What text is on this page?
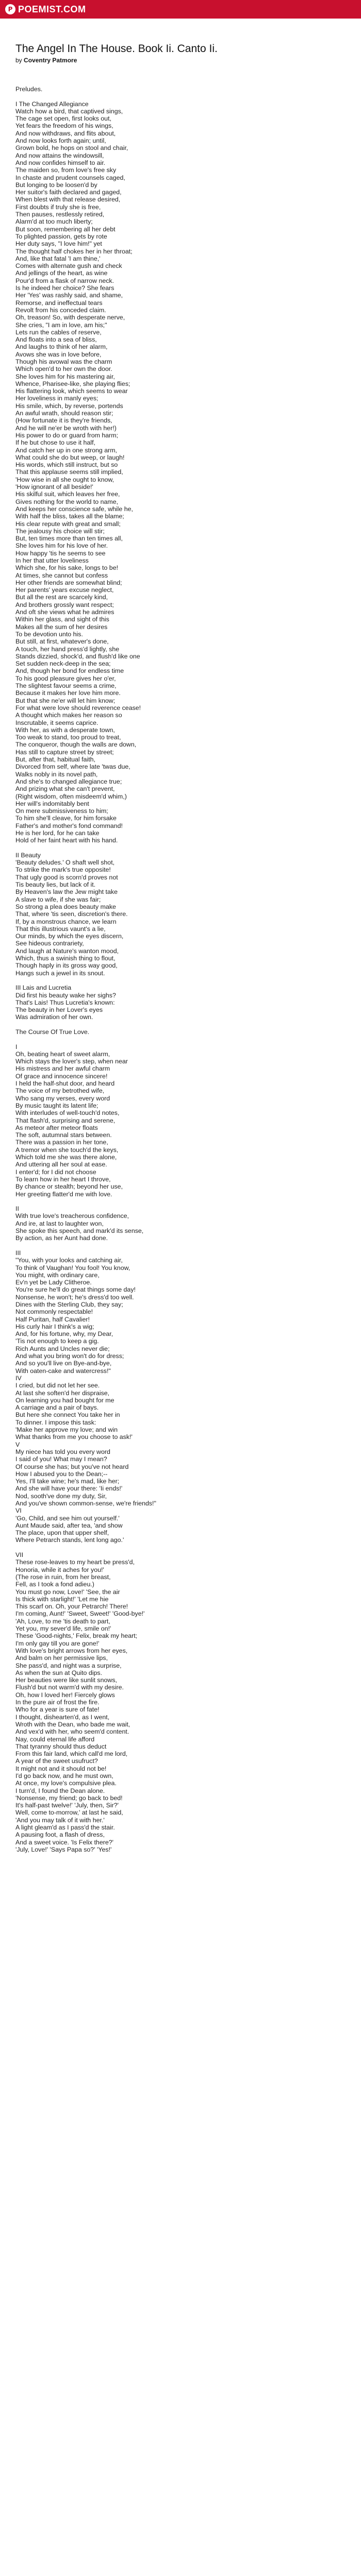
P POEMIST.COM
The Angel In The House. Book Ii. Canto Ii.
by Coventry Patmore
Preludes.
I The Changed Allegiance
Watch how a bird, that captived sings,
The cage set open, first looks out,
Yet fears the freedom of his wings,
And now withdraws, and flits about,
And now looks forth again; until,
Grown bold, he hops on stool and chair,
And now attains the windowsill,
And now confides himself to air.
The maiden so, from love's free sky
In chaste and prudent counsels caged,
But longing to be loosen'd by
Her suitor's faith declared and gaged,
When blest with that release desired,
First doubts if truly she is free,
Then pauses, restlessly retired,
Alarm'd at too much liberty;
But soon, remembering all her debt
To plighted passion, gets by rote
Her duty says, "I love him!" yet
The thought half chokes her in her throat;
And, like that fatal 'I am thine,'
Comes with alternate gush and check
And jellings of the heart, as wine
Pour'd from a flask of narrow neck.
Is he indeed her choice? She fears
Her 'Yes' was rashly said, and shame,
Remorse, and ineffectual tears
Revolt from his conceded claim.
Oh, treason! So, with desperate nerve,
She cries, "I am in love, am his;"
Lets run the cables of reserve,
And floats into a sea of bliss,
And laughs to think of her alarm,
Avows she was in love before,
Though his avowal was the charm
Which open'd to her own the door.
She loves him for his mastering air,
Whence, Pharisee-like, she playing flies;
His flattering look, which seems to wear
Her loveliness in manly eyes;
His smile, which, by reverse, portends
An awful wrath, should reason stir;
(How fortunate it is they're friends,
And he will ne'er be wroth with her!)
His power to do or guard from harm;
If he but chose to use it half,
And catch her up in one strong arm,
What could she do but weep, or laugh!
His words, which still instruct, but so
That this applause seems still implied,
'How wise in all she ought to know,
'How ignorant of all beside!'
His skilful suit, which leaves her free,
Gives nothing for the world to name,
And keeps her conscience safe, while he,
With half the bliss, takes all the blame;
His clear repute with great and small;
The jealousy his choice will stir;
But, ten times more than ten times all,
She loves him for his love of her.
How happy 'tis he seems to see
In her that utter loveliness
Which she, for his sake, longs to be!
At times, she cannot but confess
Her other friends are somewhat blind;
Her parents' years excuse neglect,
But all the rest are scarcely kind,
And brothers grossly want respect;
And oft she views what he admires
Within her glass, and sight of this
Makes all the sum of her desires
To be devotion unto his.
But still, at first, whatever's done,
A touch, her hand press'd lightly, she
Stands dizzied, shock'd, and flush'd like one
Set sudden neck-deep in the sea;
And, though her bond for endless time
To his good pleasure gives her o'er,
The slightest favour seems a crime,
Because it makes her love him more.
But that she ne'er will let him know;
For what were love should reverence cease!
A thought which makes her reason so
Inscrutable, it seems caprice.
With her, as with a desperate town,
Too weak to stand, too proud to treat,
The conqueror, though the walls are down,
Has still to capture street by street;
But, after that, habitual faith,
Divorced from self, where late 'twas due,
Walks nobly in its novel path,
And she's to changed allegiance true;
And prizing what she can't prevent,
(Right wisdom, often misdeem'd whim,)
Her will's indomitably bent
On mere submissiveness to him;
To him she'll cleave, for him forsake
Father's and mother's fond command!
He is her lord, for he can take
Hold of her faint heart with his hand.
II Beauty
'Beauty deludes.' O shaft well shot,
To strike the mark's true opposite!
That ugly good is scorn'd proves not
Tis beauty lies, but lack of it.
By Heaven's law the Jew might take
A slave to wife, if she was fair;
So strong a plea does beauty make
That, where 'tis seen, discretion's there.
If, by a monstrous chance, we learn
That this illustrious vaunt's a lie,
Our minds, by which the eyes discern,
See hideous contrariety,
And laugh at Nature's wanton mood,
Which, thus a swinish thing to flout,
Though haply in its gross way good,
Hangs such a jewel in its snout.
III Lais and Lucretia
Did first his beauty wake her sighs?
That's Lais! Thus Lucretia's known:
The beauty in her Lover's eyes
Was admiration of her own.
The Course Of True Love.
I
Oh, beating heart of sweet alarm,
Which stays the lover's step, when near
His mistress and her awful charm
Of grace and innocence sincere!
I held the half-shut door, and heard
The voice of my betrothed wife,
Who sang my verses, every word
By music taught its latent life;
With interludes of well-touch'd notes,
That flash'd, surprising and serene,
As meteor after meteor floats
The soft, autumnal stars between.
There was a passion in her tone,
A tremor when she touch'd the keys,
Which told me she was there alone,
And uttering all her soul at ease.
I enter'd; for I did not choose
To learn how in her heart I throve,
By chance or stealth; beyond her use,
Her greeting flatter'd me with love.
II
With true love's treacherous confidence,
And ire, at last to laughter won,
She spoke this speech, and mark'd its sense,
By action, as her Aunt had done.
III
"You, with your looks and catching air,
To think of Vaughan! You fool! You know,
You might, with ordinary care,
Ev'n yet be Lady Clitheroe.
You're sure he'll do great things some day!
Nonsense, he won't; he's dress'd too well.
Dines with the Sterling Club, they say;
Not commonly respectable!
Half Puritan, half Cavalier!
His curly hair I think's a wig;
And, for his fortune, why, my Dear,
'Tis not enough to keep a gig.
Rich Aunts and Uncles never die;
And what you bring won't do for dress;
And so you'll live on Bye-and-bye,
With oaten-cake and watercress!"
IV
I cried, but did not let her see.
At last she soften'd her dispraise,
On learning you had bought for me
A carriage and a pair of bays.
But here she connect You take her in
To dinner. I impose this task:
'Make her approve my love; and win
What thanks from me you choose to ask!'
V
My niece has told you every word
I said of you! What may I mean?
Of course she has; but you've not heard
How I abused you to the Dean;--
Yes, I'll take wine; he's mad, like her;
And she will have your there: 'Ii ends!'
Nod, sooth've done my duty, Sir,
And you've shown common-sense, we're friends!"
VI
'Go, Child, and see him out yourself.'
Aunt Maude said, after tea, 'and show
The place, upon that upper shelf,
Where Petrarch stands, lent long ago.'
VII
These rose-leaves to my heart be press'd,
Honoria, while it aches for you!'
(The rose in ruin, from her breast,
Fell, as I took a fond adieu.)
You must go now, Love!' 'See, the air
Is thick with starlight!' 'Let me hie
This scarf on. Oh, your Petrarch! There!
I'm coming, Aunt!' 'Sweet, Sweet!' 'Good-bye!'
'Ah, Love, to me 'tis death to part,
Yet you, my sever'd life, smile on!'
These 'Good-nights,' Felix, break my heart;
I'm only gay till you are gone!'
With love's bright arrows from her eyes,
And balm on her permissive lips,
She pass'd, and night was a surprise,
As when the sun at Quito dips.
Her beauties were like sunlit snows,
Flush'd but not warm'd with my desire.
Oh, how I loved her! Fiercely glows
In the pure air of frost the fire.
Who for a year is sure of fate!
I thought, dishearten'd, as I went,
Wroth with the Dean, who bade me wait,
And vex'd with her, who seem'd content.
Nay, could eternal life afford
That tyranny should thus deduct
From this fair land, which call'd me lord,
A year of the sweet usufruct?
It might not and it should not be!
I'd go back now, and he must own,
At once, my love's compulsive plea.
I turn'd, I found the Dean alone.
'Nonsense, my friend; go back to bed!
It's half-past twelve!' 'July, then, Sir?'
Well, come to-morrow,' at last he said,
'And you may talk of it with her.'
A light gleam'd as I pass'd the stair.
A pausing foot, a flash of dress,
And a sweet voice. 'Is Felix there?'
'July, Love!' 'Says Papa so?' 'Yes!'
